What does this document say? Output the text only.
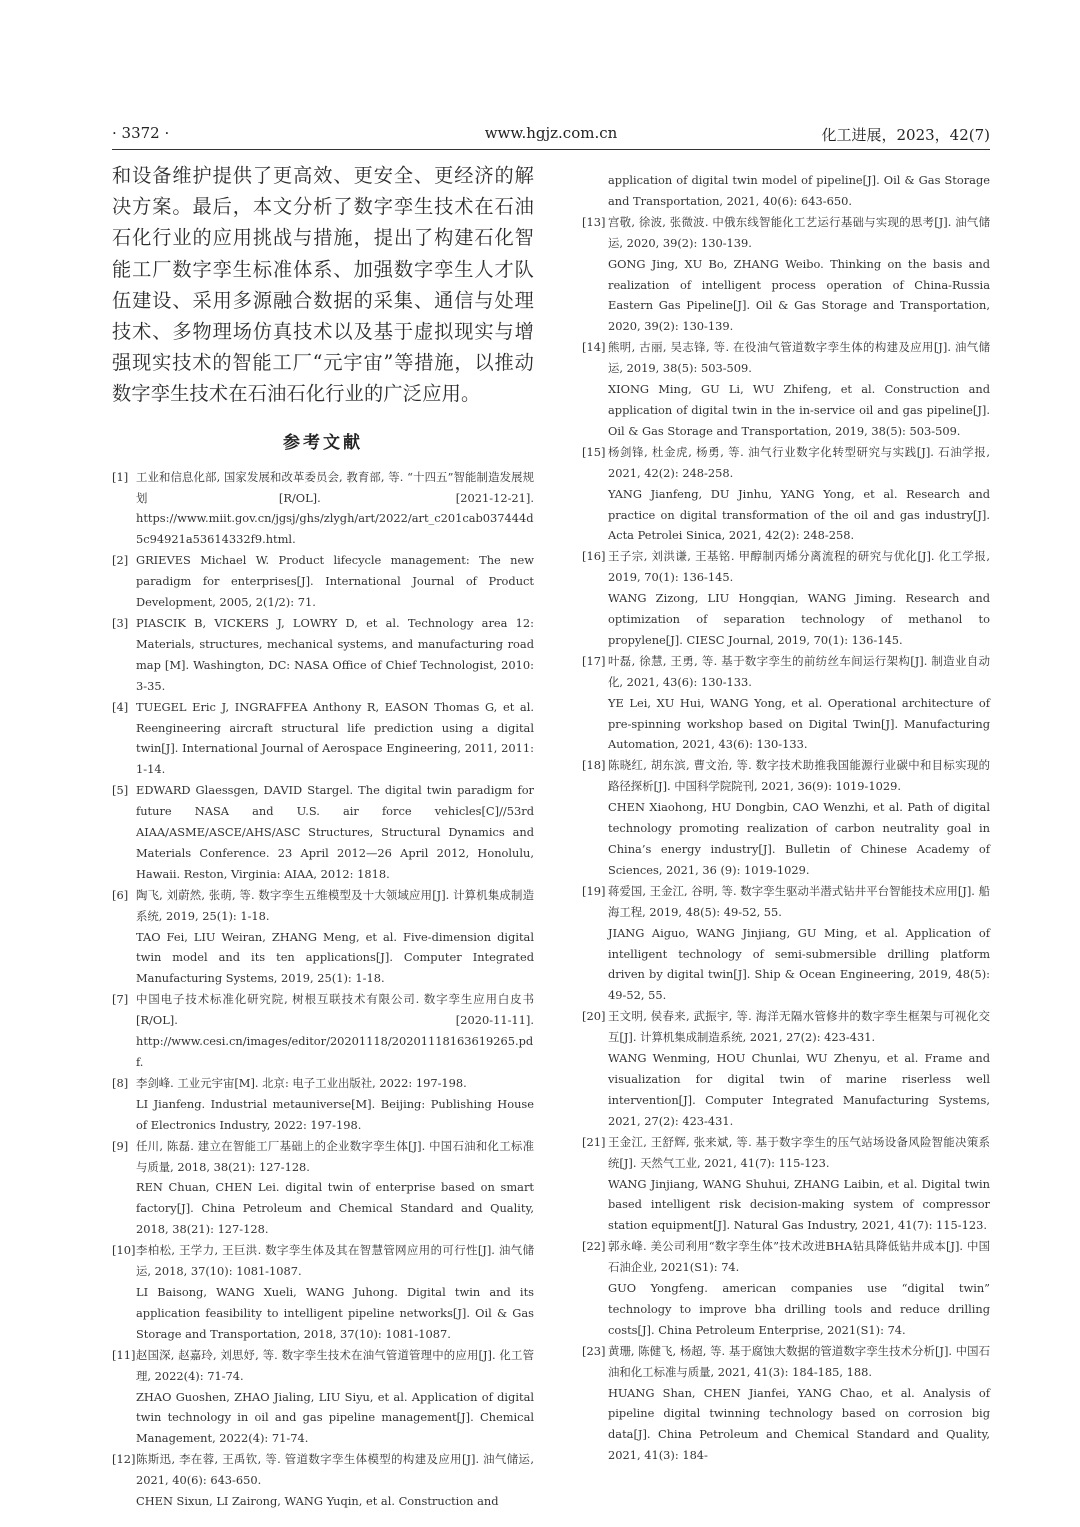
· 3372 ·	www.hgjz.com.cn	化工进展，2023，42(7)

和设备维护提供了更高效、更安全、更经济的解决方案。最后，本文分析了数字孪生技术在石油石化行业的应用挑战与措施，提出了构建石化智能工厂数字孪生标准体系、加强数字孪生人才队伍建设、采用多源融合数据的采集、通信与处理技术、多物理场仿真技术以及基于虚拟现实与增强现实技术的智能工厂“元宇宙”等措施，以推动数字孪生技术在石油石化行业的广泛应用。

参考文献
[1] 工业和信息化部, 国家发展和改革委员会, 教育部, 等. “十四五”智能制造发展规划[R/OL]. [2021-12-21]. https://www.miit.gov.cn/jgsj/ghs/zlygh/art/2022/art_c201cab037444d5c94921a53614332f9.html.
[2] GRIEVES Michael W. Product lifecycle management: The new paradigm for enterprises[J]. International Journal of Product Development, 2005, 2(1/2): 71.
[3] PIASCIK B, VICKERS J, LOWRY D, et al. Technology area 12: Materials, structures, mechanical systems, and manufacturing road map [M]. Washington, DC: NASA Office of Chief Technologist, 2010: 3-35.
[4] TUEGEL Eric J, INGRAFFEA Anthony R, EASON Thomas G, et al. Reengineering aircraft structural life prediction using a digital twin[J]. International Journal of Aerospace Engineering, 2011, 2011: 1-14.
[5] EDWARD Glaessgen, DAVID Stargel. The digital twin paradigm for future NASA and U.S. air force vehicles[C]//53rd AIAA/ASME/ASCE/AHS/ASC Structures, Structural Dynamics and Materials Conference. 23 April 2012—26 April 2012, Honolulu, Hawaii. Reston, Virginia: AIAA, 2012: 1818.
[6] 陶飞, 刘蔚然, 张萌, 等. 数字孪生五维模型及十大领域应用[J]. 计算机集成制造系统, 2019, 25(1): 1-18.
TAO Fei, LIU Weiran, ZHANG Meng, et al. Five-dimension digital twin model and its ten applications[J]. Computer Integrated Manufacturing Systems, 2019, 25(1): 1-18.
[7] 中国电子技术标准化研究院, 树根互联技术有限公司. 数字孪生应用白皮书[R/OL]. [2020-11-11]. http://www.cesi.cn/images/editor/20201118/20201118163619265.pdf.
[8] 李剑峰. 工业元宇宙[M]. 北京: 电子工业出版社, 2022: 197-198.
LI Jianfeng. Industrial metauniverse[M]. Beijing: Publishing House of Electronics Industry, 2022: 197-198.
[9] 任川, 陈磊. 建立在智能工厂基础上的企业数字孪生体[J]. 中国石油和化工标准与质量, 2018, 38(21): 127-128.
REN Chuan, CHEN Lei. digital twin of enterprise based on smart factory[J]. China Petroleum and Chemical Standard and Quality, 2018, 38(21): 127-128.
[10] 李柏松, 王学力, 王巨洪. 数字孪生体及其在智慧管网应用的可行性[J]. 油气储运, 2018, 37(10): 1081-1087.
LI Baisong, WANG Xueli, WANG Juhong. Digital twin and its application feasibility to intelligent pipeline networks[J]. Oil & Gas Storage and Transportation, 2018, 37(10): 1081-1087.
[11] 赵国深, 赵嘉玲, 刘思妤, 等. 数字孪生技术在油气管道管理中的应用[J]. 化工管理, 2022(4): 71-74.
ZHAO Guoshen, ZHAO Jialing, LIU Siyu, et al. Application of digital twin technology in oil and gas pipeline management[J]. Chemical Management, 2022(4): 71-74.
[12] 陈斯迅, 李在蓉, 王禹钦, 等. 管道数字孪生体模型的构建及应用[J]. 油气储运, 2021, 40(6): 643-650.
CHEN Sixun, LI Zairong, WANG Yuqin, et al. Construction and
application of digital twin model of pipeline[J]. Oil & Gas Storage and Transportation, 2021, 40(6): 643-650.
[13] 宫敬, 徐波, 张微波. 中俄东线智能化工艺运行基础与实现的思考[J]. 油气储运, 2020, 39(2): 130-139.
GONG Jing, XU Bo, ZHANG Weibo. Thinking on the basis and realization of intelligent process operation of China-Russia Eastern Gas Pipeline[J]. Oil & Gas Storage and Transportation, 2020, 39(2): 130-139.
[14] 熊明, 古丽, 吴志锋, 等. 在役油气管道数字孪生体的构建及应用[J]. 油气储运, 2019, 38(5): 503-509.
XIONG Ming, GU Li, WU Zhifeng, et al. Construction and application of digital twin in the in-service oil and gas pipeline[J]. Oil & Gas Storage and Transportation, 2019, 38(5): 503-509.
[15] 杨剑锋, 杜金虎, 杨勇, 等. 油气行业数字化转型研究与实践[J]. 石油学报, 2021, 42(2): 248-258.
YANG Jianfeng, DU Jinhu, YANG Yong, et al. Research and practice on digital transformation of the oil and gas industry[J]. Acta Petrolei Sinica, 2021, 42(2): 248-258.
[16] 王子宗, 刘洪谦, 王基铭. 甲醇制丙烯分离流程的研究与优化[J]. 化工学报, 2019, 70(1): 136-145.
WANG Zizong, LIU Hongqian, WANG Jiming. Research and optimization of separation technology of methanol to propylene[J]. CIESC Journal, 2019, 70(1): 136-145.
[17] 叶磊, 徐慧, 王勇, 等. 基于数字孪生的前纺丝车间运行架构[J]. 制造业自动化, 2021, 43(6): 130-133.
YE Lei, XU Hui, WANG Yong, et al. Operational architecture of pre-spinning workshop based on Digital Twin[J]. Manufacturing Automation, 2021, 43(6): 130-133.
[18] 陈晓红, 胡东滨, 曹文治, 等. 数字技术助推我国能源行业碳中和目标实现的路径探析[J]. 中国科学院院刊, 2021, 36(9): 1019-1029.
CHEN Xiaohong, HU Dongbin, CAO Wenzhi, et al. Path of digital technology promoting realization of carbon neutrality goal in China’s energy industry[J]. Bulletin of Chinese Academy of Sciences, 2021, 36 (9): 1019-1029.
[19] 蒋爱国, 王金江, 谷明, 等. 数字孪生驱动半潜式钻井平台智能技术应用[J]. 船海工程, 2019, 48(5): 49-52, 55.
JIANG Aiguo, WANG Jinjiang, GU Ming, et al. Application of intelligent technology of semi-submersible drilling platform driven by digital twin[J]. Ship & Ocean Engineering, 2019, 48(5): 49-52, 55.
[20] 王文明, 侯春来, 武振宇, 等. 海洋无隔水管修井的数字孪生框架与可视化交互[J]. 计算机集成制造系统, 2021, 27(2): 423-431.
WANG Wenming, HOU Chunlai, WU Zhenyu, et al. Frame and visualization for digital twin of marine riserless well intervention[J]. Computer Integrated Manufacturing Systems, 2021, 27(2): 423-431.
[21] 王金江, 王舒辉, 张来斌, 等. 基于数字孪生的压气站场设备风险智能决策系统[J]. 天然气工业, 2021, 41(7): 115-123.
WANG Jinjiang, WANG Shuhui, ZHANG Laibin, et al. Digital twin based intelligent risk decision-making system of compressor station equipment[J]. Natural Gas Industry, 2021, 41(7): 115-123.
[22] 郭永峰. 美公司利用“数字孪生体”技术改进BHA钻具降低钻井成本[J]. 中国石油企业, 2021(S1): 74.
GUO Yongfeng. american companies use “digital twin” technology to improve bha drilling tools and reduce drilling costs[J]. China Petroleum Enterprise, 2021(S1): 74.
[23] 黄珊, 陈健飞, 杨超, 等. 基于腐蚀大数据的管道数字孪生技术分析[J]. 中国石油和化工标准与质量, 2021, 41(3): 184-185, 188.
HUANG Shan, CHEN Jianfei, YANG Chao, et al. Analysis of pipeline digital twinning technology based on corrosion big data[J]. China Petroleum and Chemical Standard and Quality, 2021, 41(3): 184-
